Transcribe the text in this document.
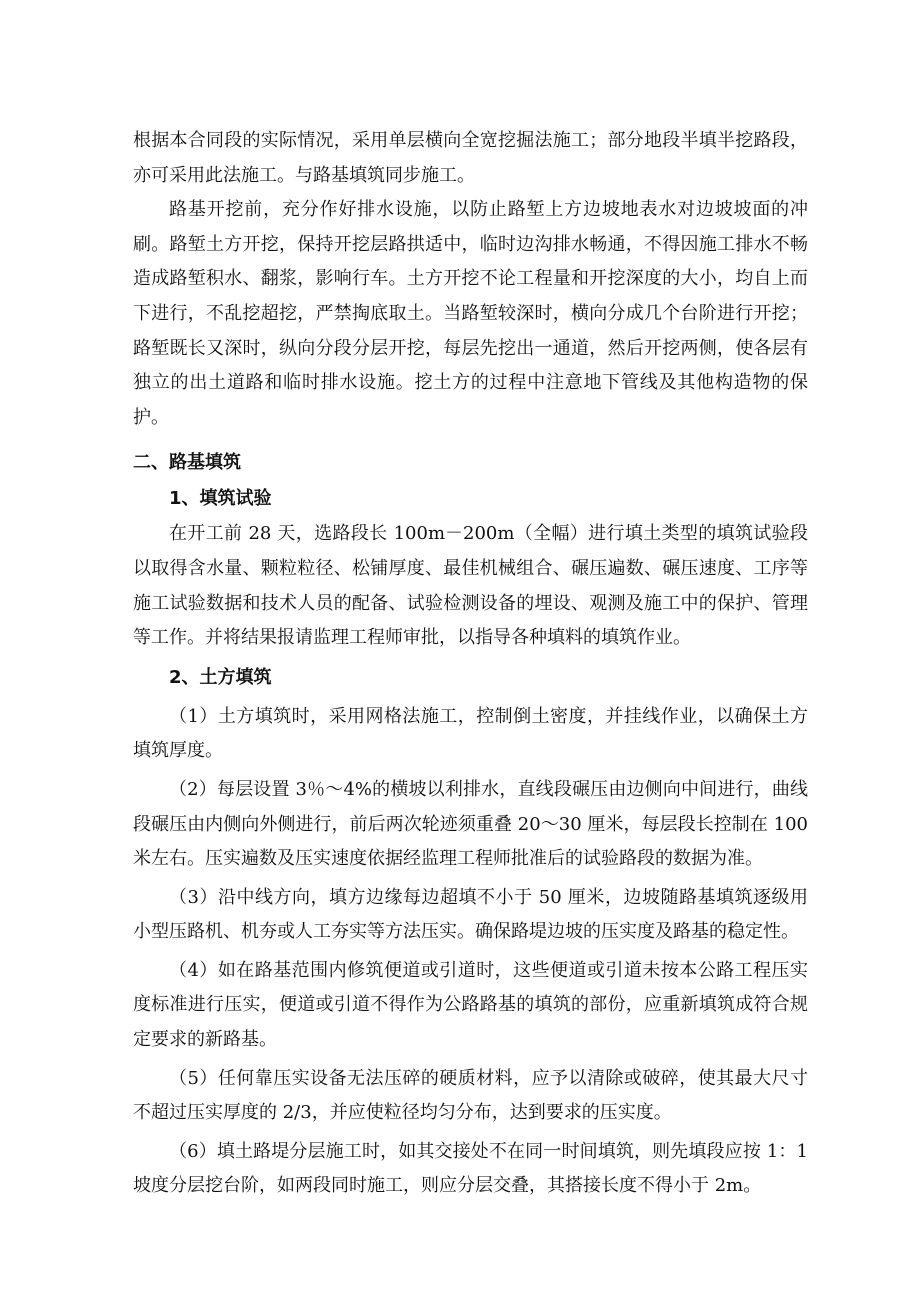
根据本合同段的实际情况，采用单层横向全宽挖掘法施工；部分地段半填半挖路段，亦可采用此法施工。与路基填筑同步施工。

路基开挖前，充分作好排水设施，以防止路堑上方边坡地表水对边坡坡面的冲刷。路堑土方开挖，保持开挖层路拱适中，临时边沟排水畅通，不得因施工排水不畅造成路堑积水、翻浆，影响行车。土方开挖不论工程量和开挖深度的大小，均自上而下进行，不乱挖超挖，严禁掏底取土。当路堑较深时，横向分成几个台阶进行开挖；路堑既长又深时，纵向分段分层开挖，每层先挖出一通道，然后开挖两侧，使各层有独立的出土道路和临时排水设施。挖土方的过程中注意地下管线及其他构造物的保护。

二、路基填筑
1、填筑试验

在开工前 28 天，选路段长 100m－200m（全幅）进行填土类型的填筑试验段以取得含水量、颗粒粒径、松铺厚度、最佳机械组合、碾压遍数、碾压速度、工序等施工试验数据和技术人员的配备、试验检测设备的埋设、观测及施工中的保护、管理等工作。并将结果报请监理工程师审批，以指导各种填料的填筑作业。

2、土方填筑

（1）土方填筑时，采用网格法施工，控制倒土密度，并挂线作业，以确保土方填筑厚度。

（2）每层设置 3％～4%的横坡以利排水，直线段碾压由边侧向中间进行，曲线段碾压由内侧向外侧进行，前后两次轮迹须重叠 20～30 厘米，每层段长控制在 100 米左右。压实遍数及压实速度依据经监理工程师批准后的试验路段的数据为准。

（3）沿中线方向，填方边缘每边超填不小于 50 厘米，边坡随路基填筑逐级用小型压路机、机夯或人工夯实等方法压实。确保路堤边坡的压实度及路基的稳定性。

（4）如在路基范围内修筑便道或引道时，这些便道或引道未按本公路工程压实度标准进行压实，便道或引道不得作为公路路基的填筑的部份，应重新填筑成符合规定要求的新路基。

（5）任何靠压实设备无法压碎的硬质材料，应予以清除或破碎，使其最大尺寸不超过压实厚度的 2/3，并应使粒径均匀分布，达到要求的压实度。

（6）填土路堤分层施工时，如其交接处不在同一时间填筑，则先填段应按 1：1 坡度分层挖台阶，如两段同时施工，则应分层交叠，其搭接长度不得小于 2m。
